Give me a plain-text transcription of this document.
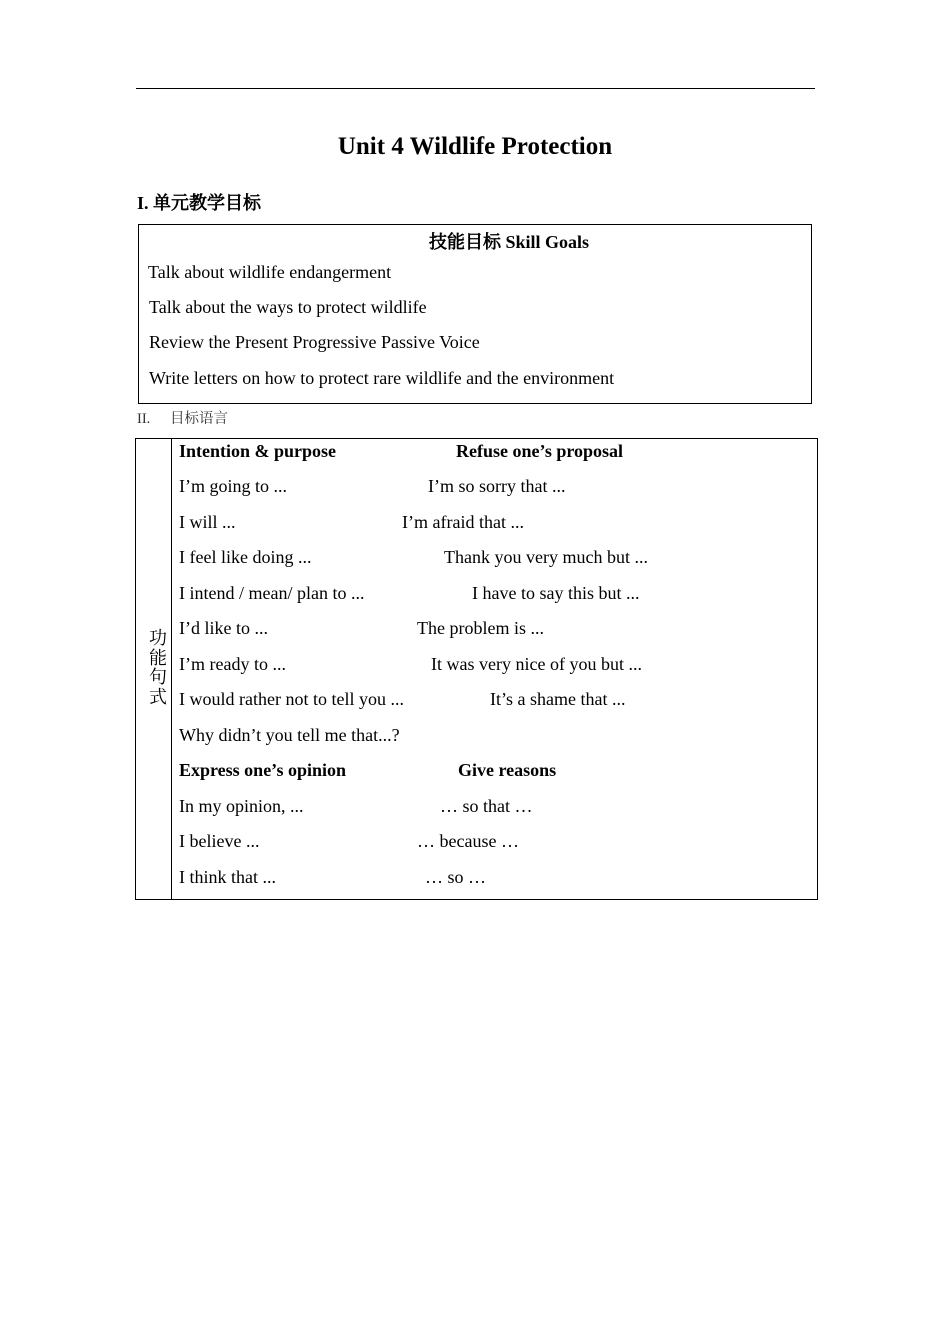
Unit 4 Wildlife Protection
I. 单元教学目标
技能目标 Skill Goals
Talk about wildlife endangerment
Talk about the ways to protect wildlife
Review the Present Progressive Passive Voice
Write letters on how to protect rare wildlife and the environment
II. 目标语言
功
能
句
式
Intention & purpose	Refuse one’s proposal
I’m going to ...	I’m so sorry that ...
I will ...	I’m afraid that ...
I feel like doing ...	Thank you very much but ...
I intend / mean/ plan to ...	I have to say this but ...
I’d like to ...	The problem is ...
I’m ready to ...	It was very nice of you but ...
I would rather not to tell you ...	It’s a shame that ...
Why didn’t you tell me that...?
Express one’s opinion	Give reasons
In my opinion, ...	… so that …
I believe ...	… because …
I think that ...	… so …
